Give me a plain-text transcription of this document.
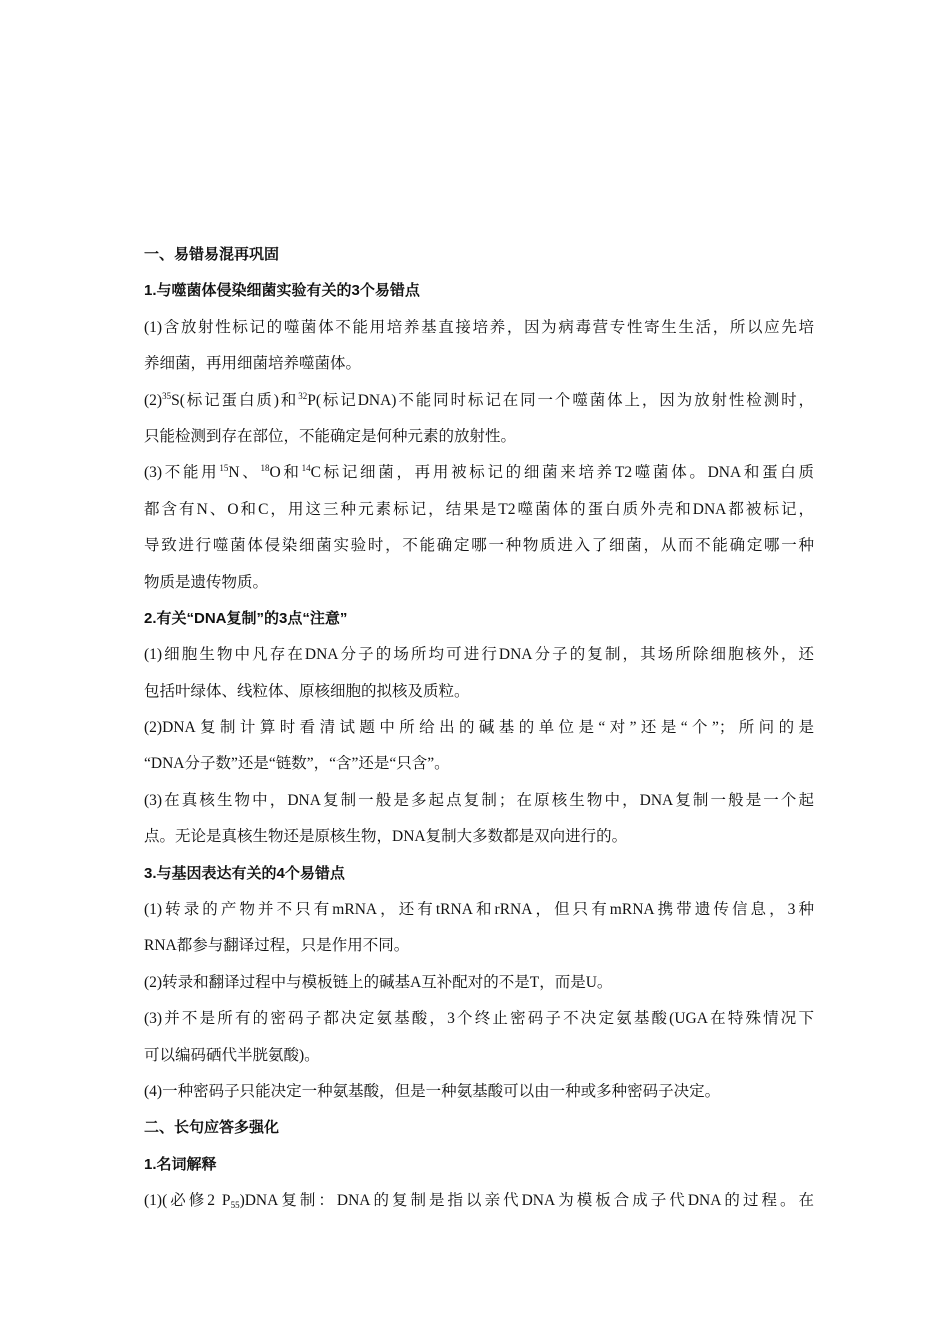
一、易错易混再巩固
1.与噬菌体侵染细菌实验有关的3个易错点
(1)含放射性标记的噬菌体不能用培养基直接培养，因为病毒营专性寄生生活，所以应先培
养细菌，再用细菌培养噬菌体。
$(2)^{35}S$(标记蛋白质)和$^{32}$P(标记DNA)不能同时标记在同一个噬菌体上，因为放射性检测时，
只能检测到存在部位，不能确定是何种元素的放射性。
(3)不能用$^{15}$N、$^{18}$O和$^{14}$C标记细菌，再用被标记的细菌来培养T2噬菌体。DNA和蛋白质
都含有N、O和C，用这三种元素标记，结果是T2噬菌体的蛋白质外壳和DNA都被标记，
导致进行噬菌体侵染细菌实验时，不能确定哪一种物质进入了细菌，从而不能确定哪一种
物质是遗传物质。
2.有关“DNA复制”的3点“注意”
(1)细胞生物中凡存在DNA分子的场所均可进行DNA分子的复制，其场所除细胞核外，还
包括叶绿体、线粒体、原核细胞的拟核及质粒。
(2)DNA复制计算时看清试题中所给出的碱基的单位是“对”还是“个”；所问的是
“DNA分子数”还是“链数”，“含”还是“只含”。
(3)在真核生物中，DNA复制一般是多起点复制；在原核生物中，DNA复制一般是一个起
点。无论是真核生物还是原核生物，DNA复制大多数都是双向进行的。
3.与基因表达有关的4个易错点
(1)转录的产物并不只有mRNA，还有tRNA和rRNA，但只有mRNA携带遗传信息，3种
RNA都参与翻译过程，只是作用不同。
(2)转录和翻译过程中与模板链上的碱基A互补配对的不是T，而是U。
(3)并不是所有的密码子都决定氨基酸，3个终止密码子不决定氨基酸(UGA在特殊情况下
可以编码硒代半胱氨酸)。
(4)一种密码子只能决定一种氨基酸，但是一种氨基酸可以由一种或多种密码子决定。
二、长句应答多强化
1.名词解释
(1)(必修2 $P_{55})DNA$复制：DNA的复制是指以亲代DNA为模板合成子代DNA的过程。在
